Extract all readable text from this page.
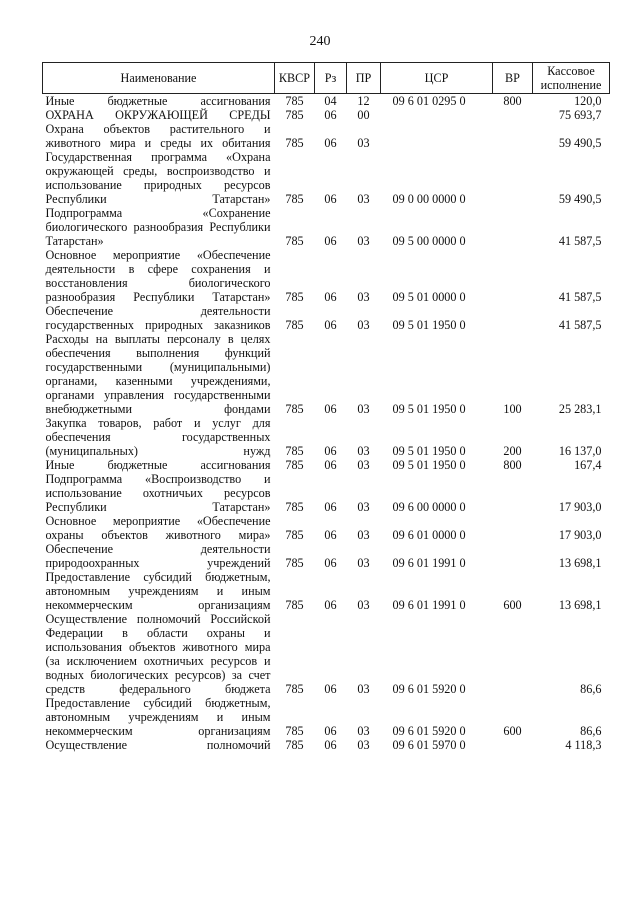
240
Наименование	КВСР	Рз	ПР	ЦСР	ВР	Кассовое
исполнение

Иные бюджетные ассигнования	785	04	12	09 6 01 0295 0	800	120,0
ОХРАНА ОКРУЖАЮЩЕЙ СРЕДЫ	785	06	00			75 693,7
Охрана объектов растительного и животного мира и среды их обитания	785	06	03			59 490,5
Государственная программа «Охрана окружающей среды, воспроизводство и использование природных ресурсов Республики Татарстан»	785	06	03	09 0 00 0000 0		59 490,5
Подпрограмма «Сохранение биологического разнообразия Республики Татарстан»	785	06	03	09 5 00 0000 0		41 587,5
Основное мероприятие «Обеспечение деятельности в сфере сохранения и восстановления биологического разнообразия Республики Татарстан»	785	06	03	09 5 01 0000 0		41 587,5
Обеспечение деятельности государственных природных заказников	785	06	03	09 5 01 1950 0		41 587,5
Расходы на выплаты персоналу в целях обеспечения выполнения функций государственными (муниципальными) органами, казенными учреждениями, органами управления государственными внебюджетными фондами	785	06	03	09 5 01 1950 0	100	25 283,1
Закупка товаров, работ и услуг для обеспечения государственных (муниципальных) нужд	785	06	03	09 5 01 1950 0	200	16 137,0
Иные бюджетные ассигнования	785	06	03	09 5 01 1950 0	800	167,4
Подпрограмма «Воспроизводство и использование охотничьих ресурсов Республики Татарстан»	785	06	03	09 6 00 0000 0		17 903,0
Основное мероприятие «Обеспечение охраны объектов животного мира»	785	06	03	09 6 01 0000 0		17 903,0
Обеспечение деятельности природоохранных учреждений	785	06	03	09 6 01 1991 0		13 698,1
Предоставление субсидий бюджетным, автономным учреждениям и иным некоммерческим организациям	785	06	03	09 6 01 1991 0	600	13 698,1
Осуществление полномочий Российской Федерации в области охраны и использования объектов животного мира (за исключением охотничьих ресурсов и водных биологических ресурсов) за счет средств федерального бюджета	785	06	03	09 6 01 5920 0		86,6
Предоставление субсидий бюджетным, автономным учреждениям и иным некоммерческим организациям	785	06	03	09 6 01 5920 0	600	86,6
Осуществление полномочий	785	06	03	09 6 01 5970 0		4 118,3
